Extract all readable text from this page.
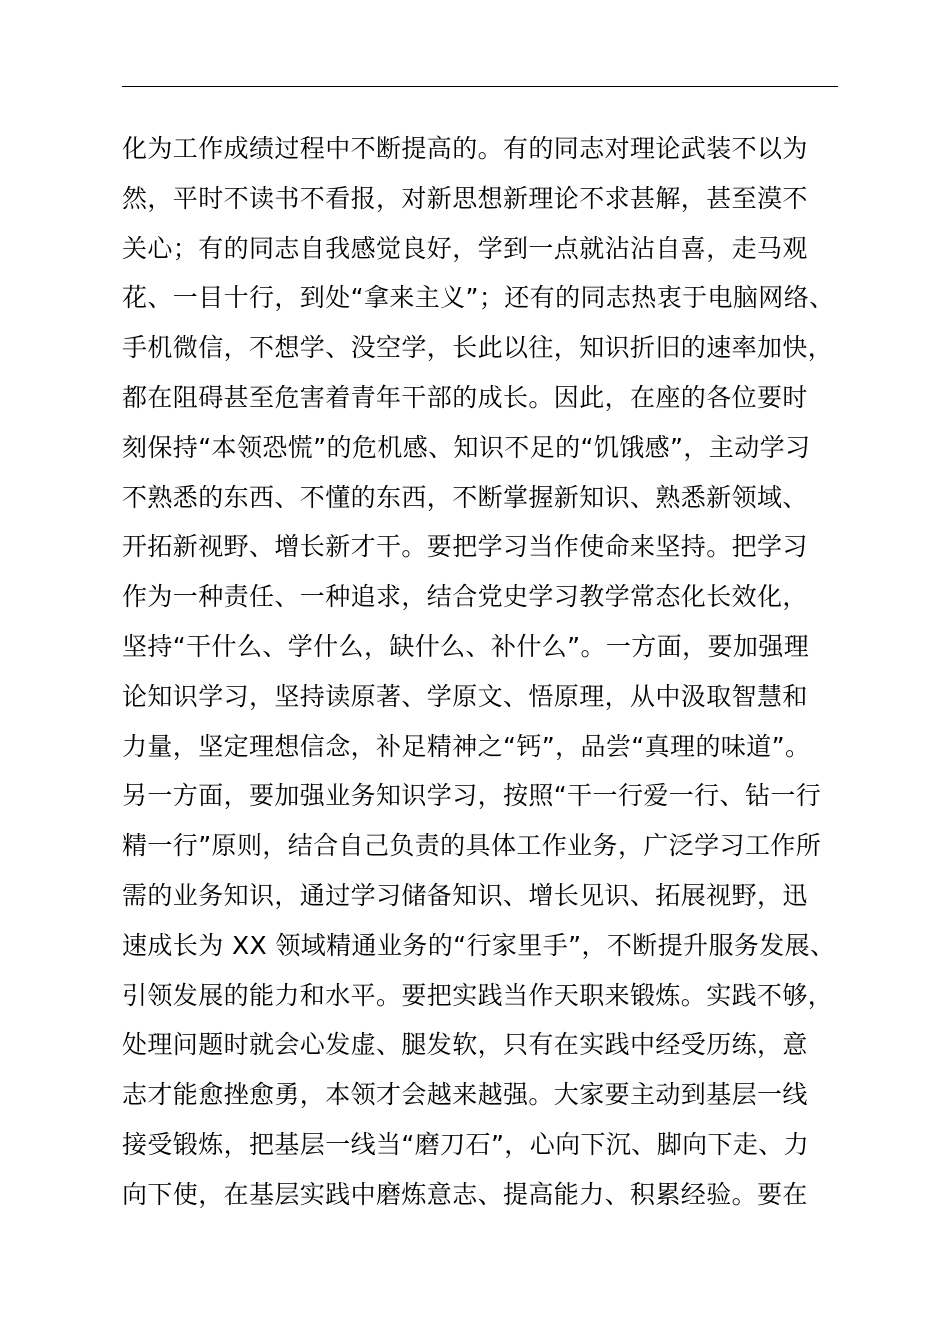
化为工作成绩过程中不断提高的。有的同志对理论武装不以为
然，平时不读书不看报，对新思想新理论不求甚解，甚至漠不
关心；有的同志自我感觉良好，学到一点就沾沾自喜，走马观
花、一目十行，到处“拿来主义”；还有的同志热衷于电脑网络、
手机微信，不想学、没空学，长此以往，知识折旧的速率加快，
都在阻碍甚至危害着青年干部的成长。因此，在座的各位要时
刻保持“本领恐慌”的危机感、知识不足的“饥饿感”，主动学习
不熟悉的东西、不懂的东西，不断掌握新知识、熟悉新领域、
开拓新视野、增长新才干。要把学习当作使命来坚持。把学习
作为一种责任、一种追求，结合党史学习教学常态化长效化，
坚持“干什么、学什么，缺什么、补什么”。一方面，要加强理
论知识学习，坚持读原著、学原文、悟原理，从中汲取智慧和
力量，坚定理想信念，补足精神之“钙”，品尝“真理的味道”。
另一方面，要加强业务知识学习，按照“干一行爱一行、钻一行
精一行”原则，结合自己负责的具体工作业务，广泛学习工作所
需的业务知识，通过学习储备知识、增长见识、拓展视野，迅
速成长为 XX 领域精通业务的“行家里手”，不断提升服务发展、
引领发展的能力和水平。要把实践当作天职来锻炼。实践不够，
处理问题时就会心发虚、腿发软，只有在实践中经受历练，意
志才能愈挫愈勇，本领才会越来越强。大家要主动到基层一线
接受锻炼，把基层一线当“磨刀石”，心向下沉、脚向下走、力
向下使，在基层实践中磨炼意志、提高能力、积累经验。要在
